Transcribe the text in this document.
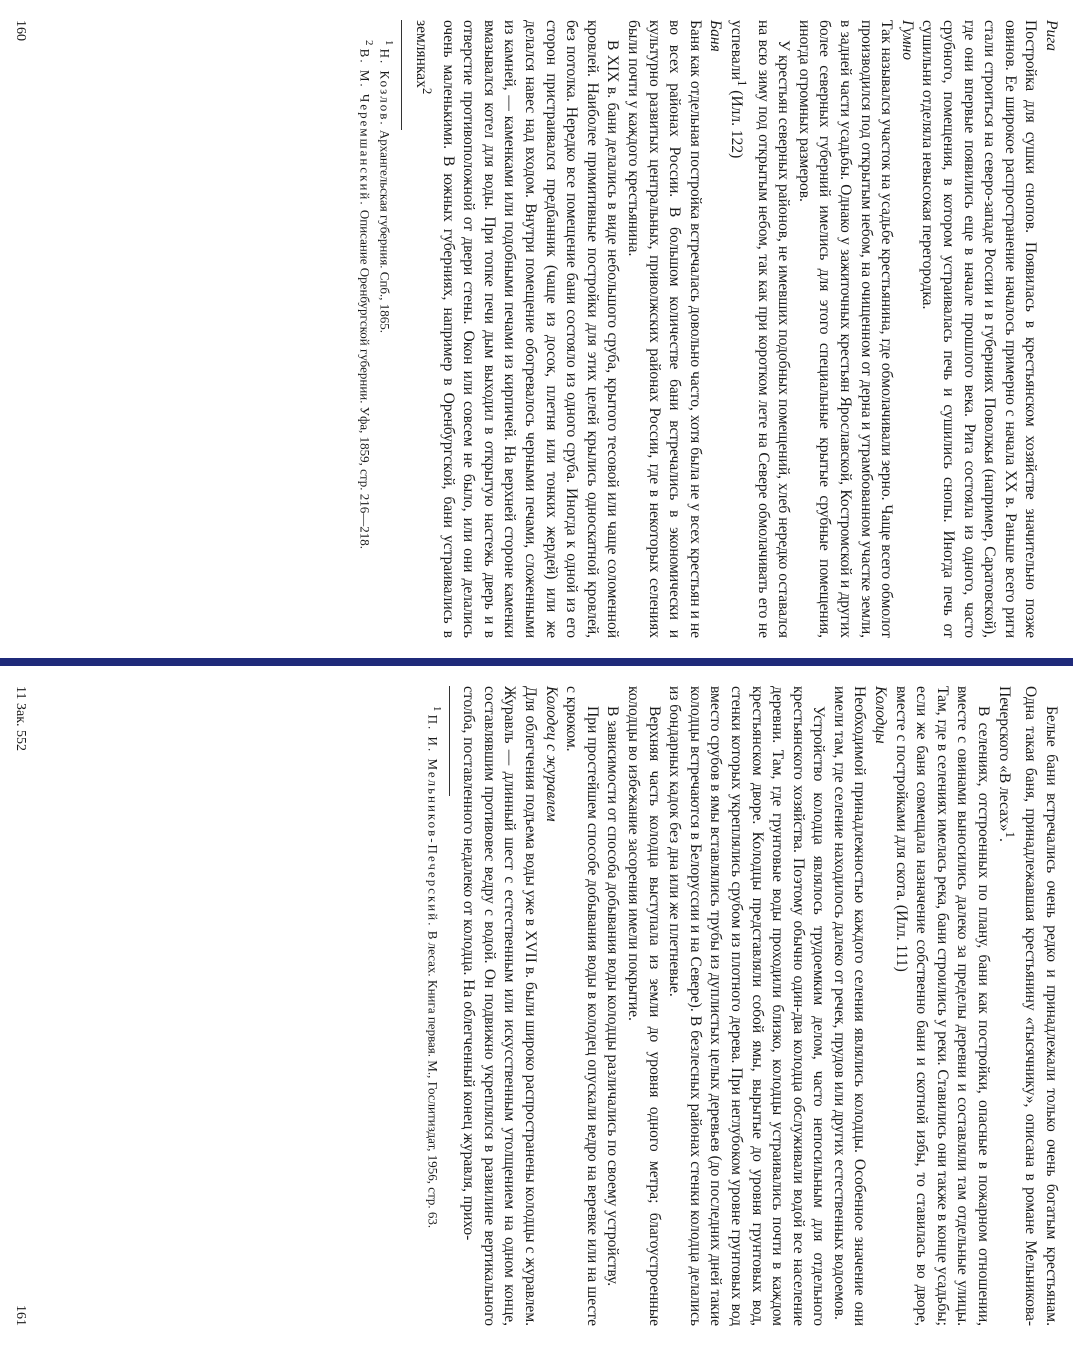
Рига

Постройка для сушки снопов. Появилась в крестьянском хозяйстве значительно позже овинов. Ее широкое распространение началось примерно с начала XX в. Раньше всего риги стали строиться на северо-западе России и в губерниях Поволжья (например, Саратовской), где они впервые появились еще в начале прошлого века. Рига состояла из одного, часто срубного, помещения, в котором устраивалась печь и сушились снопы. Иногда печь от сушильни отделяла невысокая перегородка.

Гумно

Так назывался участок на усадьбе крестьянина, где обмолачивали зерно. Чаще всего обмолот производился под открытым небом, на очищенном от дерна и утрамбованном участке земли, в задней части усадьбы. Однако у зажиточных крестьян Ярославской, Костромской и других более северных губерний имелись для этого специальные крытые срубные помещения, иногда огромных размеров.

У крестьян северных районов, не имевших подобных помещений, хлеб нередко оставался на всю зиму под открытым небом, так как при коротком лете на Севере обмолачивать его не успевали$^1$ (Илл. 122)

Баня

Баня как отдельная постройка встречалась довольно часто, хотя была не у всех крестьян и не во всех районах России. В большом количестве бани встречались в экономически и культурно развитых центральных, приволжских районах России, где в некоторых селениях были почти у каждого крестьянина.

В XIX в. бани делались в виде небольшого сруба, крытого тесовой или чаще соломенной кровлей. Наиболее примитивные постройки для этих целей крылись односкатной кровлей, без потолка. Нередко все помещение бани состояло из одного сруба. Иногда к одной из его сторон пристраивался предбанник (чаще из досок, плетня или тонких жердей) или же делался навес над входом. Внутри помещение обогревалось черными печами, сложенными из камней, — каменками или подобными печами из кирпичей. На верхней стороне каменки вмазывался котел для воды. При топке печи дым выходил в открытую настежь дверь и в отверстие противоположной от двери стены. Окон или совсем не было, или они делались очень маленькими. В южных губерниях, например в Оренбургской, бани устраивались в землянках$^2$

$^1$ Н. Козлов. Архангельская губерния. Спб., 1865.

$^2$ В. М. Черемшанский. Описание Оренбургской губернии. Уфа, 1859, стр. 216—218.

160

Белые бани встречались очень редко и принадлежали только очень богатым крестьянам. Одна такая баня, принадлежавшая крестьянину «тысячнику», описана в романе Мельникова-Печерского «В лесах»$^1$.

В селениях, отстроенных по плану, бани как постройки, опасные в пожарном отношении, вместе с овинами выносились далеко за пределы деревни и составляли там отдельные улицы. Там, где в селениях имелась река, бани строились у реки. Ставились они также в конце усадьбы; если же баня совмещала назначение собственно бани и скотной избы, то ставилась во дворе, вместе с постройками для скота. (Илл. 111)

Колодцы

Необходимой принадлежностью каждого селения являлись колодцы. Особенное значение они имели там, где селение находилось далеко от речек, прудов или других естественных водоемов.

Устройство колодца являлось трудоемким делом, часто непосильным для отдельного крестьянского хозяйства. Поэтому обычно один-два колодца обслуживали водой все население деревни. Там, где грунтовые воды проходили близко, колодцы устраивались почти в каждом крестьянском дворе. Колодцы представляли собой ямы, вырытые до уровня грунтовых вод, стенки которых укреплялись срубом из плотного дерева. При неглубоком уровне грунтовых вод вместо срубов в ямы вставлялись трубы из дуплистых целых деревьев (до последних дней такие колодцы встречаются в Белоруссии и на Севере). В безлесных районах стенки колодца делались из бондарных кадок без дна или же плетневые.

Верхняя часть колодца выступала из земли до уровня одного метра; благоустроенные колодцы во избежание засорения имели покрытие.

В зависимости от способа добывания воды колодцы различались по своему устройству.

При простейшем способе добывания воды в колодец опускали ведро на веревке или на шесте с крюком.

Колодец с журавлем

Для облегчения подъема воды уже в XVII в. были широко распространены колодцы с журавлем. Журавль — длинный шест с естественным или искусственным утолщением на одном конце, составлявшим противовес ведру с водой. Он подвижно укреплялся в развилине вертикального столба, поставленного недалеко от колодца. На облегченный конец журавля, прихо-

$^1$ П. И. Мельников-Печерский. В лесах. Книга первая. М., Гослитиздат, 1956, стр. 63.

11 Зак. 552
161
